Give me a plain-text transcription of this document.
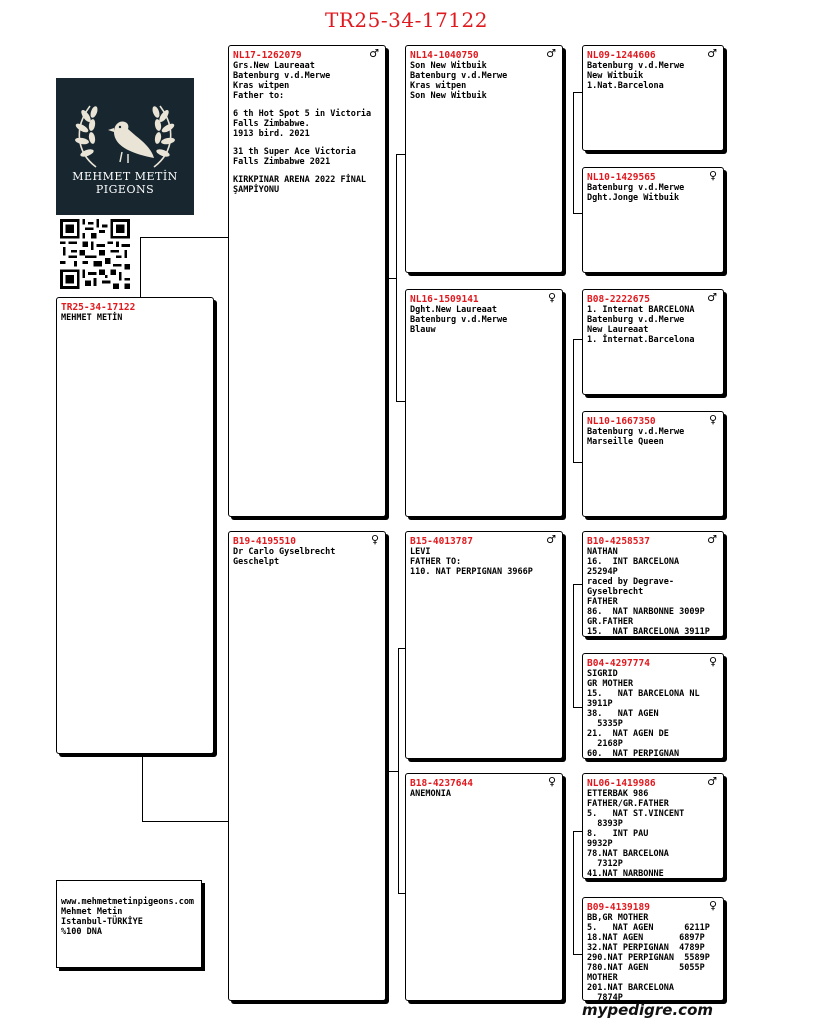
TR25-34-17122
MEHMET METİN
PIGEONS
TR25-34-17122
MEHMET METİN
NL17-1262079	♂
Grs.New Laureaat
Batenburg v.d.Merwe
Kras witpen
Father to:
6 th Hot Spot 5 in Victoria
Falls Zimbabwe.
1913 bird. 2021
31 th Super Ace Victoria
Falls Zimbabwe 2021
KIRKPINAR ARENA 2022 FİNAL
ŞAMPİYONU
B19-4195510	♀
Dr Carlo Gyselbrecht
Geschelpt
NL14-1040750	♂
Son New Witbuik
Batenburg v.d.Merwe
Kras witpen
Son New Witbuik
NL16-1509141	♀
Dght.New Laureaat
Batenburg v.d.Merwe
Blauw
B15-4013787	♂
LEVI
FATHER TO:
110. NAT PERPIGNAN 3966P
B18-4237644	♀
ANEMONIA
NL09-1244606	♂
Batenburg v.d.Merwe
New Witbuik
1.Nat.Barcelona
NL10-1429565	♀
Batenburg v.d.Merwe
Dght.Jonge Witbuik
B08-2222675	♂
1. Internat BARCELONA
Batenburg v.d.Merwe
New Laureaat
1. İnternat.Barcelona
NL10-1667350	♀
Batenburg v.d.Merwe
Marseille Queen
B10-4258537	♂
NATHAN
16.  INT BARCELONA
25294P
raced by Degrave-
Gyselbrecht
FATHER
86.  NAT NARBONNE 3009P
GR.FATHER
15.  NAT BARCELONA 3911P
B04-4297774	♀
SIGRID
GR MOTHER
15.   NAT BARCELONA NL
3911P
38.   NAT AGEN
5335P
21.  NAT AGEN DE
2168P
60.  NAT PERPIGNAN
NL06-1419986	♂
ETTERBAK 986
FATHER/GR.FATHER
5.   NAT ST.VINCENT
8393P
8.   INT PAU
9932P
78.NAT BARCELONA
7312P
41.NAT NARBONNE
B09-4139189	♀
BB,GR MOTHER
5.   NAT AGEN      6211P
18.NAT AGEN       6897P
32.NAT PERPIGNAN  4789P
290.NAT PERPIGNAN  5589P
780.NAT AGEN      5055P
MOTHER
201.NAT BARCELONA
7874P
www.mehmetmetinpigeons.com
Mehmet Metin
Istanbul-TÜRKİYE
%100 DNA
mypedigre.com
